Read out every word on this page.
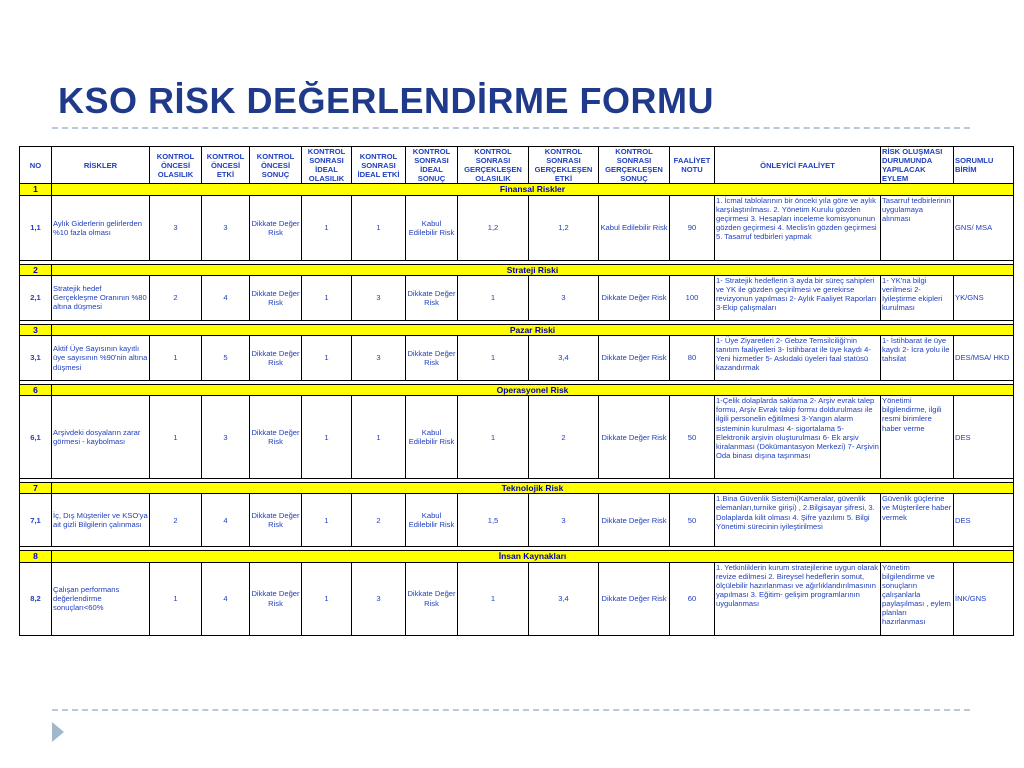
KSO RİSK DEĞERLENDİRME FORMU
NO	RİSKLER	KONTROL ÖNCESİ OLASILIK	KONTROL ÖNCESİ ETKİ	KONTROL ÖNCESİ SONUÇ	KONTROL SONRASI İDEAL OLASILIK	KONTROL SONRASI İDEAL ETKİ	KONTROL SONRASI İDEAL SONUÇ	KONTROL SONRASI GERÇEKLEŞEN OLASILIK	KONTROL SONRASI GERÇEKLEŞEN ETKİ	KONTROL SONRASI GERÇEKLEŞEN SONUÇ	FAALİYET NOTU	ÖNLEYİCİ FAALİYET	RİSK OLUŞMASI DURUMUNDA YAPILACAK EYLEM	SORUMLU BİRİM
1	Finansal Riskler													
1,1	Aylık Giderlerin gelirlerden %10 fazla olması	3	3	Dikkate Değer Risk	1	1	Kabul Edilebilir Risk	1,2	1,2	Kabul Edilebilir Risk	90	1. İcmal tablolarının bir önceki yıla göre ve aylık karşılaştırılması. 2. Yönetim Kurulu gözden geçirmesi 3. Hesapları inceleme komisyonunun gözden geçirmesi 4. Meclis'in gözden geçirmesi 5. Tasarruf tedbirleri yapmak	Tasarruf tedbirlerinin uygulamaya alınması	GNS/ MSA

2	Strateji Riski													
2,1	Stratejik hedef Gerçekleşme Oranının %80 altına düşmesi	2	4	Dikkate Değer Risk	1	3	Dikkate Değer Risk	1	3	Dikkate Değer Risk	100	1- Stratejik hedeflerin 3 ayda bir süreç sahipleri ve YK ile gözden geçirilmesi ve gerekirse revizyonun yapılması 2- Aylık Faaliyet Raporları 3-Ekip çalışmaları	1- YK'na bilgi verilmesi 2- İyileştirme ekipleri kurulması	YK/GNS

3	Pazar Riski													
3,1	Aktif Üye Sayısının kayıtlı üye sayısının %90'nin altına düşmesi	1	5	Dikkate Değer Risk	1	3	Dikkate Değer Risk	1	3,4	Dikkate Değer Risk	80	1- Üye Ziyaretleri 2- Gebze Temsilciliği'nin tanıtım faaliyetleri 3- İstihbarat ile üye kaydı 4-Yeni hizmetler 5- Askıdaki üyeleri faal statüsü kazandırmak	1- İstihbarat ile üye kaydı 2- İcra yolu ile tahsilat	DES/MSA/ HKD

6	Operasyonel Risk													
6,1	Arşivdeki dosyaların zarar görmesi - kaybolması	1	3	Dikkate Değer Risk	1	1	Kabul Edilebilir Risk	1	2	Dikkate Değer Risk	50	1-Çelik dolaplarda saklama 2- Arşiv evrak talep formu, Arşiv Evrak takip formu doldurulması ile ilgili personelin eğitilmesi 3-Yangın alarm sisteminin kurulması 4- sigortalama 5- Elektronik arşivin oluşturulması 6- Ek arşiv kiralanması (Dökümantasyon Merkezi) 7- Arşivin Oda binası dışına taşınması	Yönetimi bilgilendirme, ilgili resmi birimlere haber verme	DES

7	Teknolojik Risk													
7,1	İç, Dış Müşteriler ve KSO'ya ait gizli Bilgilerin çalınması	2	4	Dikkate Değer Risk	1	2	Kabul Edilebilir Risk	1,5	3	Dikkate Değer Risk	50	1.Bina Güvenlik Sistemi(Kameralar, güvenlik elemanları,turnike girişi) , 2.Bilgisayar şifresi, 3. Dolaplarda kilit olması 4. Şifre yazılımı 5. Bilgi Yönetimi sürecinin iyileştirilmesi	Güvenlik güçlerine ve Müşterilere haber vermek	DES

8	İnsan Kaynakları													
8,2	Çalışan performans değerlendirme sonuçları<60%	1	4	Dikkate Değer Risk	1	3	Dikkate Değer Risk	1	3,4	Dikkate Değer Risk	60	1. Yetkinliklerin kurum stratejilerine uygun olarak revize edilmesi 2. Bireysel hedeflerin somut, ölçülebilir hazırlanması ve ağırlıklandırılmasının yapılması 3. Eğitim- gelişim programlarının uygulanması	Yönetim bilgilendirme ve sonuçların çalışanlarla paylaşılması , eylem planları hazırlanması	İNK/GNS
